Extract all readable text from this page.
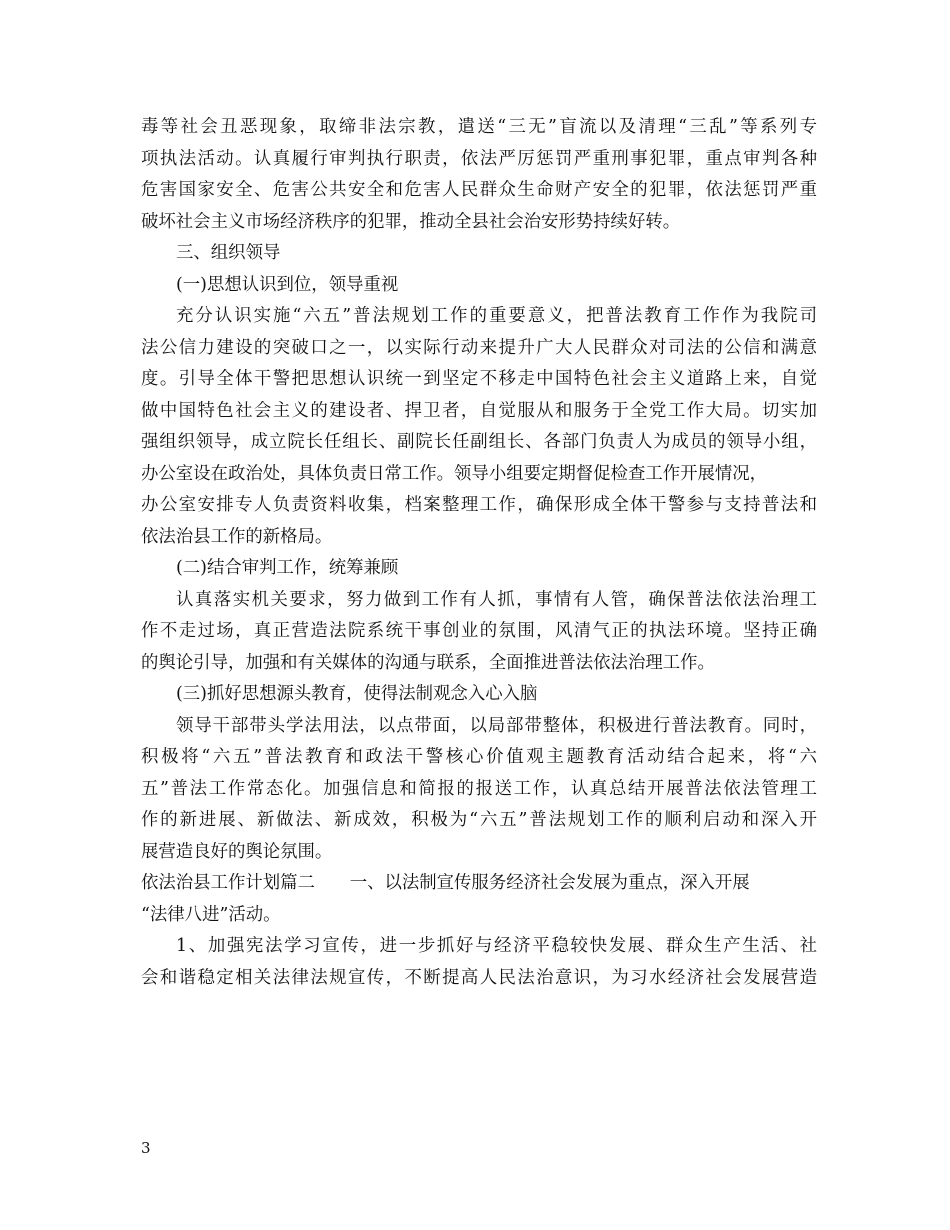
毒等社会丑恶现象，取缔非法宗教，遣送“三无”盲流以及清理“三乱”等系列专
项执法活动。认真履行审判执行职责，依法严厉惩罚严重刑事犯罪，重点审判各种
危害国家安全、危害公共安全和危害人民群众生命财产安全的犯罪，依法惩罚严重
破坏社会主义市场经济秩序的犯罪，推动全县社会治安形势持续好转。
三、组织领导
(一)思想认识到位，领导重视
充分认识实施“六五”普法规划工作的重要意义，把普法教育工作作为我院司
法公信力建设的突破口之一，以实际行动来提升广大人民群众对司法的公信和满意
度。引导全体干警把思想认识统一到坚定不移走中国特色社会主义道路上来，自觉
做中国特色社会主义的建设者、捍卫者，自觉服从和服务于全党工作大局。切实加
强组织领导，成立院长任组长、副院长任副组长、各部门负责人为成员的领导小组，
办公室设在政治处，具体负责日常工作。领导小组要定期督促检查工作开展情况，
办公室安排专人负责资料收集，档案整理工作，确保形成全体干警参与支持普法和
依法治县工作的新格局。
(二)结合审判工作，统筹兼顾
认真落实机关要求，努力做到工作有人抓，事情有人管，确保普法依法治理工
作不走过场，真正营造法院系统干事创业的氛围，风清气正的执法环境。坚持正确
的舆论引导，加强和有关媒体的沟通与联系，全面推进普法依法治理工作。
(三)抓好思想源头教育，使得法制观念入心入脑
领导干部带头学法用法，以点带面，以局部带整体，积极进行普法教育。同时，
积极将“六五”普法教育和政法干警核心价值观主题教育活动结合起来，将“六
五”普法工作常态化。加强信息和简报的报送工作，认真总结开展普法依法管理工
作的新进展、新做法、新成效，积极为“六五”普法规划工作的顺利启动和深入开
展营造良好的舆论氛围。
依法治县工作计划篇二　　一、以法制宣传服务经济社会发展为重点，深入开展
“法律八进”活动。
1、加强宪法学习宣传，进一步抓好与经济平稳较快发展、群众生产生活、社
会和谐稳定相关法律法规宣传，不断提高人民法治意识，为习水经济社会发展营造
3
